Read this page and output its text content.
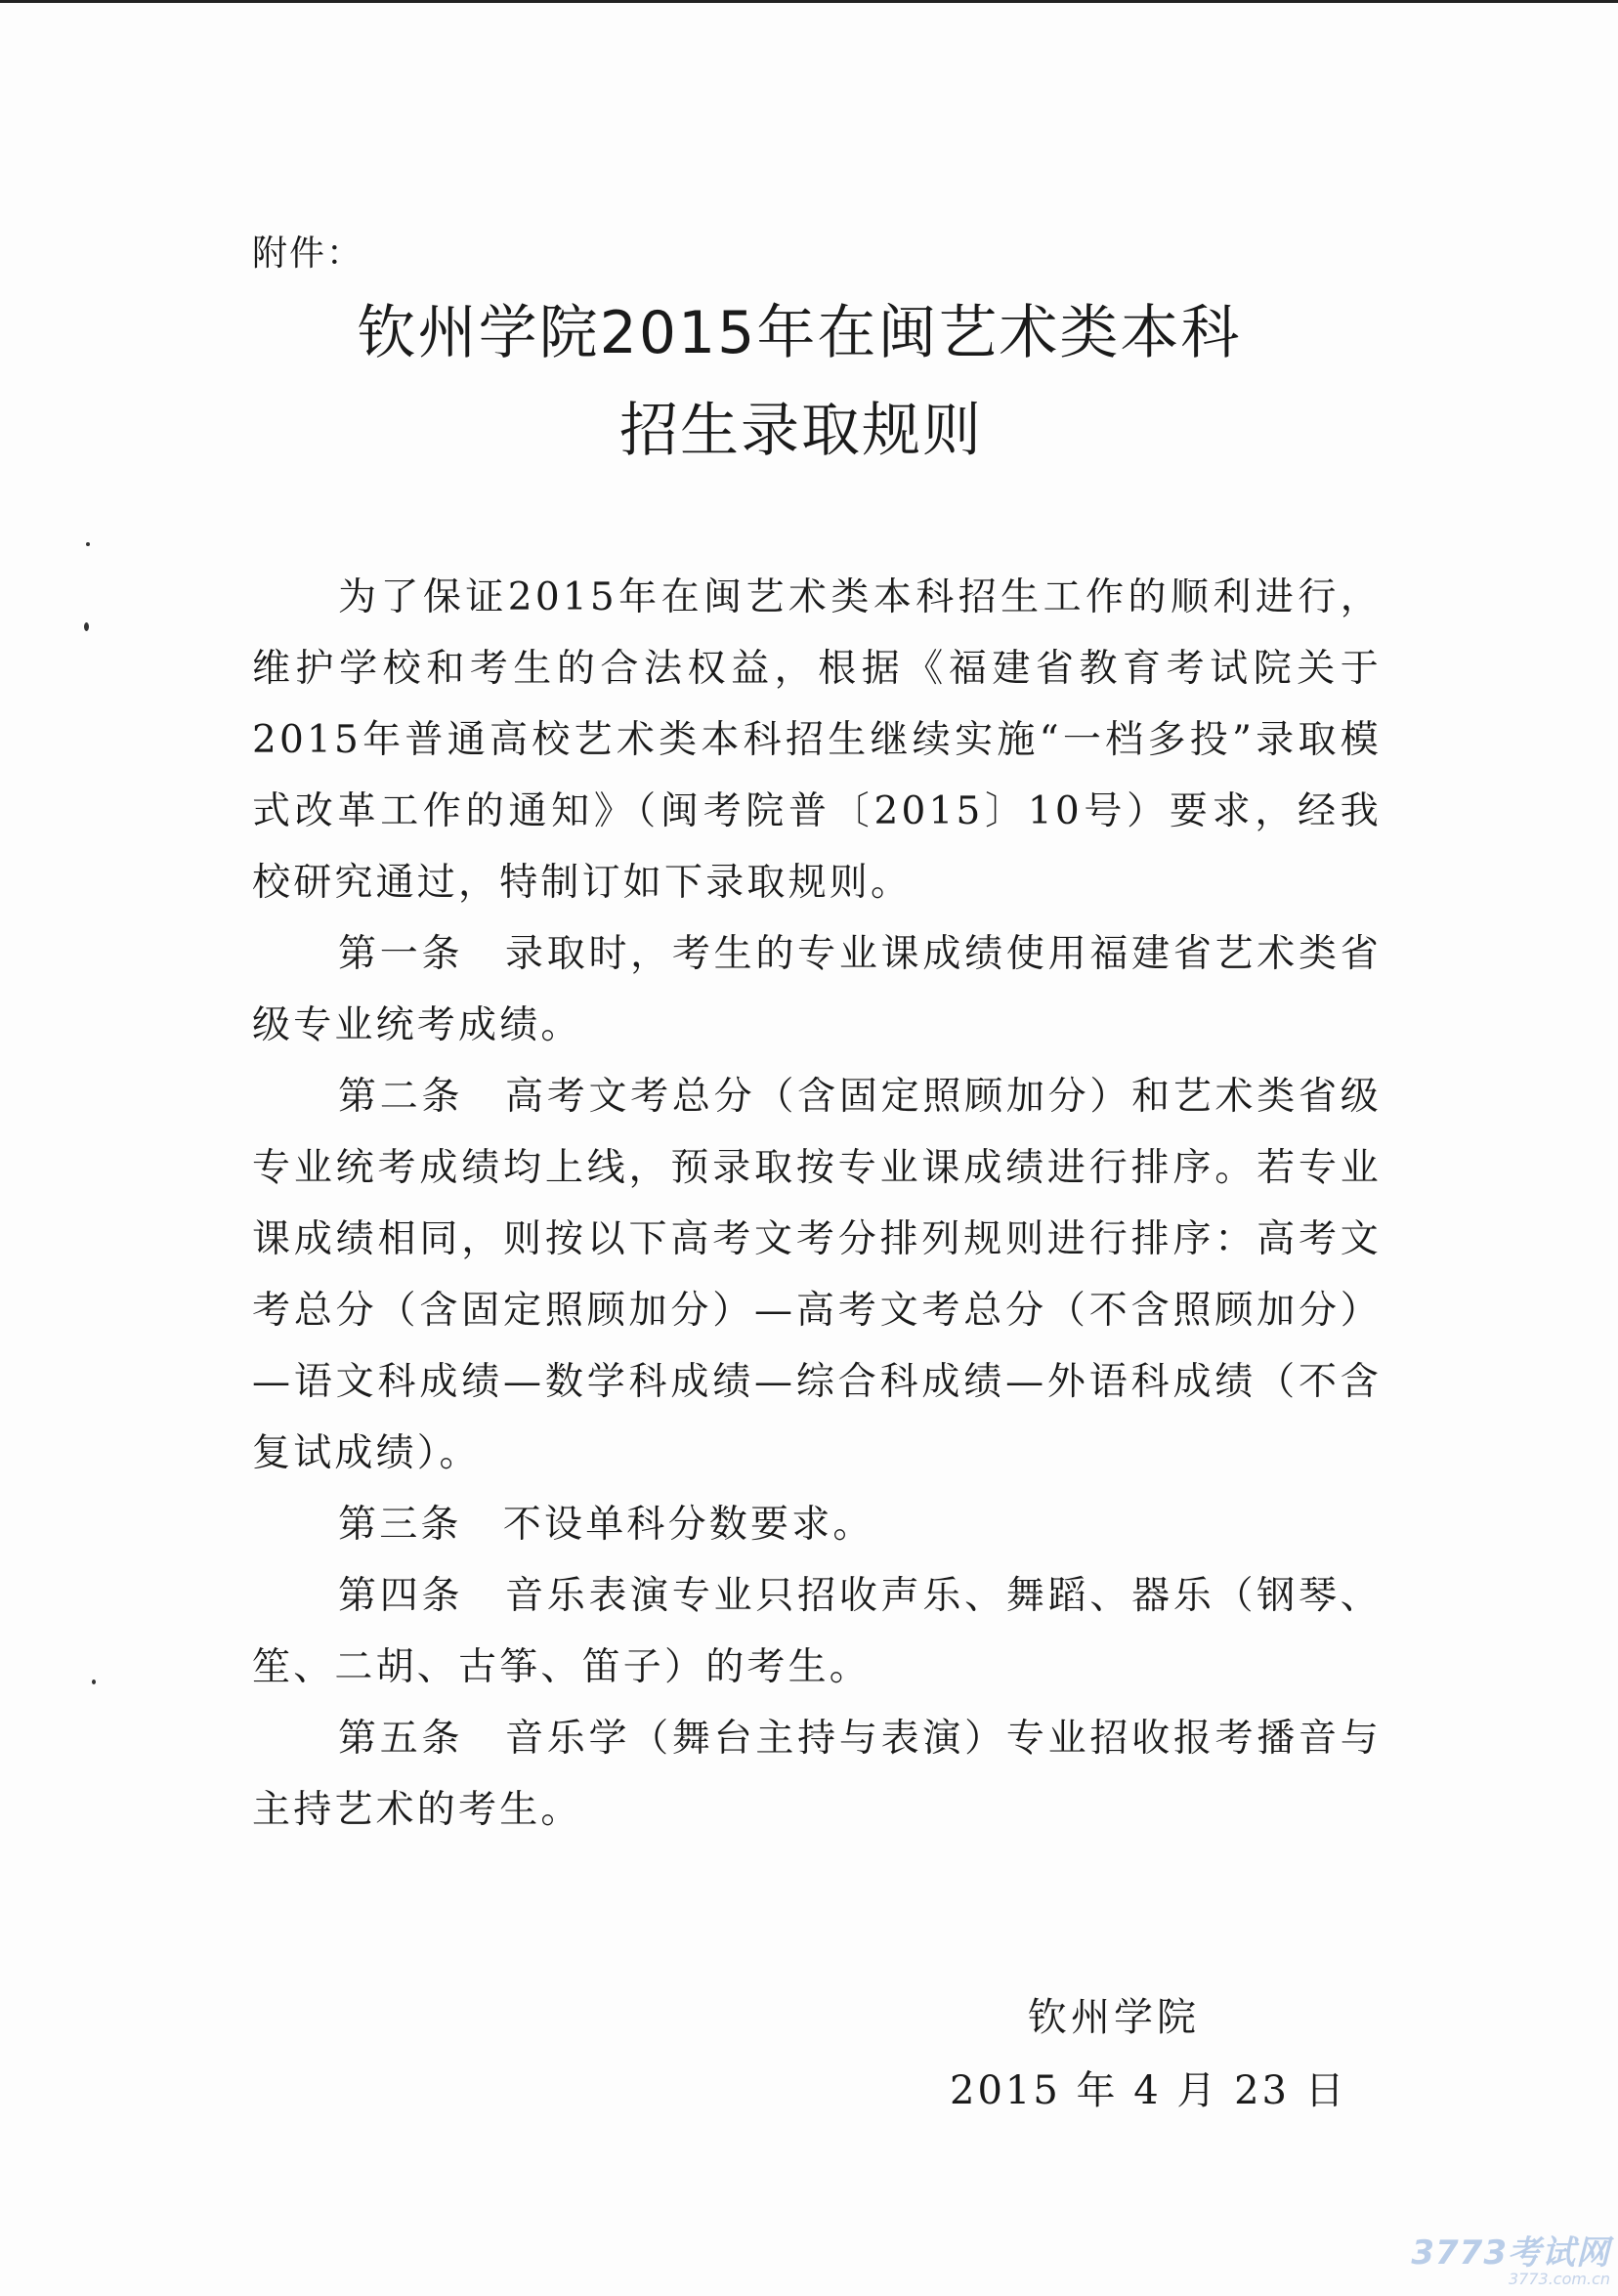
附件：
钦州学院2015年在闽艺术类本科
招生录取规则

为了保证2015年在闽艺术类本科招生工作的顺利进行，维护学校和考生的合法权益，根据《福建省教育考试院关于2015年普通高校艺术类本科招生继续实施“一档多投”录取模式改革工作的通知》（闽考院普〔2015〕10号）要求，经我校研究通过，特制订如下录取规则。

第一条　录取时，考生的专业课成绩使用福建省艺术类省级专业统考成绩。

第二条　高考文考总分（含固定照顾加分）和艺术类省级专业统考成绩均上线，预录取按专业课成绩进行排序。若专业课成绩相同，则按以下高考文考分排列规则进行排序：高考文考总分（含固定照顾加分）—高考文考总分（不含照顾加分）—语文科成绩—数学科成绩—综合科成绩—外语科成绩（不含复试成绩）。

第三条　不设单科分数要求。

第四条　音乐表演专业只招收声乐、舞蹈、器乐（钢琴、笙、二胡、古筝、笛子）的考生。

第五条　音乐学（舞台主持与表演）专业招收报考播音与主持艺术的考生。

钦州学院
2015 年 4 月 23 日
3773考试网
3773.com.cn
